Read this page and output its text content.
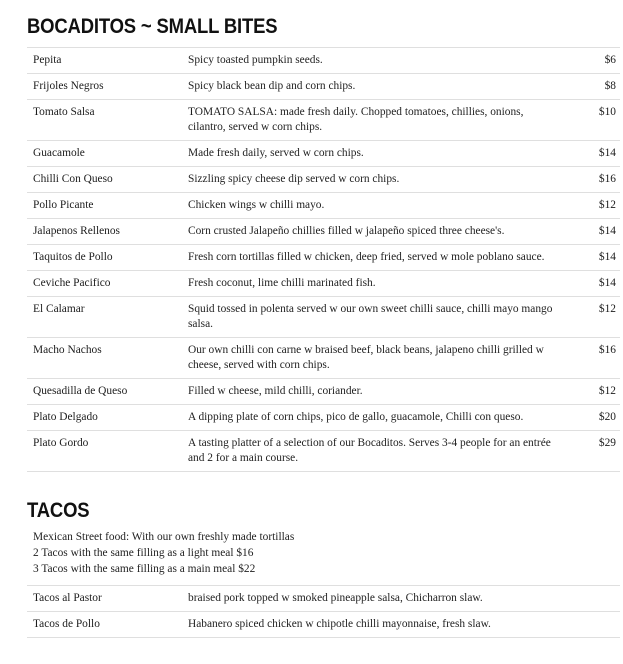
BOCADITOS ~ SMALL BITES
Pepita	Spicy toasted pumpkin seeds.	$6
Frijoles Negros	Spicy black bean dip and corn chips.	$8
Tomato Salsa	TOMATO SALSA: made fresh daily. Chopped tomatoes, chillies, onions, cilantro, served w corn chips.	$10
Guacamole	Made fresh daily, served w corn chips.	$14
Chilli Con Queso	Sizzling spicy cheese dip served w corn chips.	$16
Pollo Picante	Chicken wings w chilli mayo.	$12
Jalapenos Rellenos	Corn crusted Jalapeño chillies filled w jalapeño spiced three cheese's.	$14
Taquitos de Pollo	Fresh corn tortillas filled w chicken, deep fried, served w mole poblano sauce.	$14
Ceviche Pacifico	Fresh coconut, lime chilli marinated fish.	$14
El Calamar	Squid tossed in polenta served w our own sweet chilli sauce, chilli mayo mango salsa.	$12
Macho Nachos	Our own chilli con carne w braised beef, black beans, jalapeno chilli grilled w cheese, served with corn chips.	$16
Quesadilla de Queso	Filled w cheese, mild chilli, coriander.	$12
Plato Delgado	A dipping plate of corn chips, pico de gallo, guacamole, Chilli con queso.	$20
Plato Gordo	A tasting platter of a selection of our Bocaditos. Serves 3-4 people for an entrée and 2 for a main course.	$29
TACOS
Mexican Street food: With our own freshly made tortillas
2 Tacos with the same filling as a light meal $16
3 Tacos with the same filling as a main meal $22
Tacos al Pastor	braised pork topped w smoked pineapple salsa, Chicharron slaw.	
Tacos de Pollo	Habanero spiced chicken w chipotle chilli mayonnaise, fresh slaw.	
